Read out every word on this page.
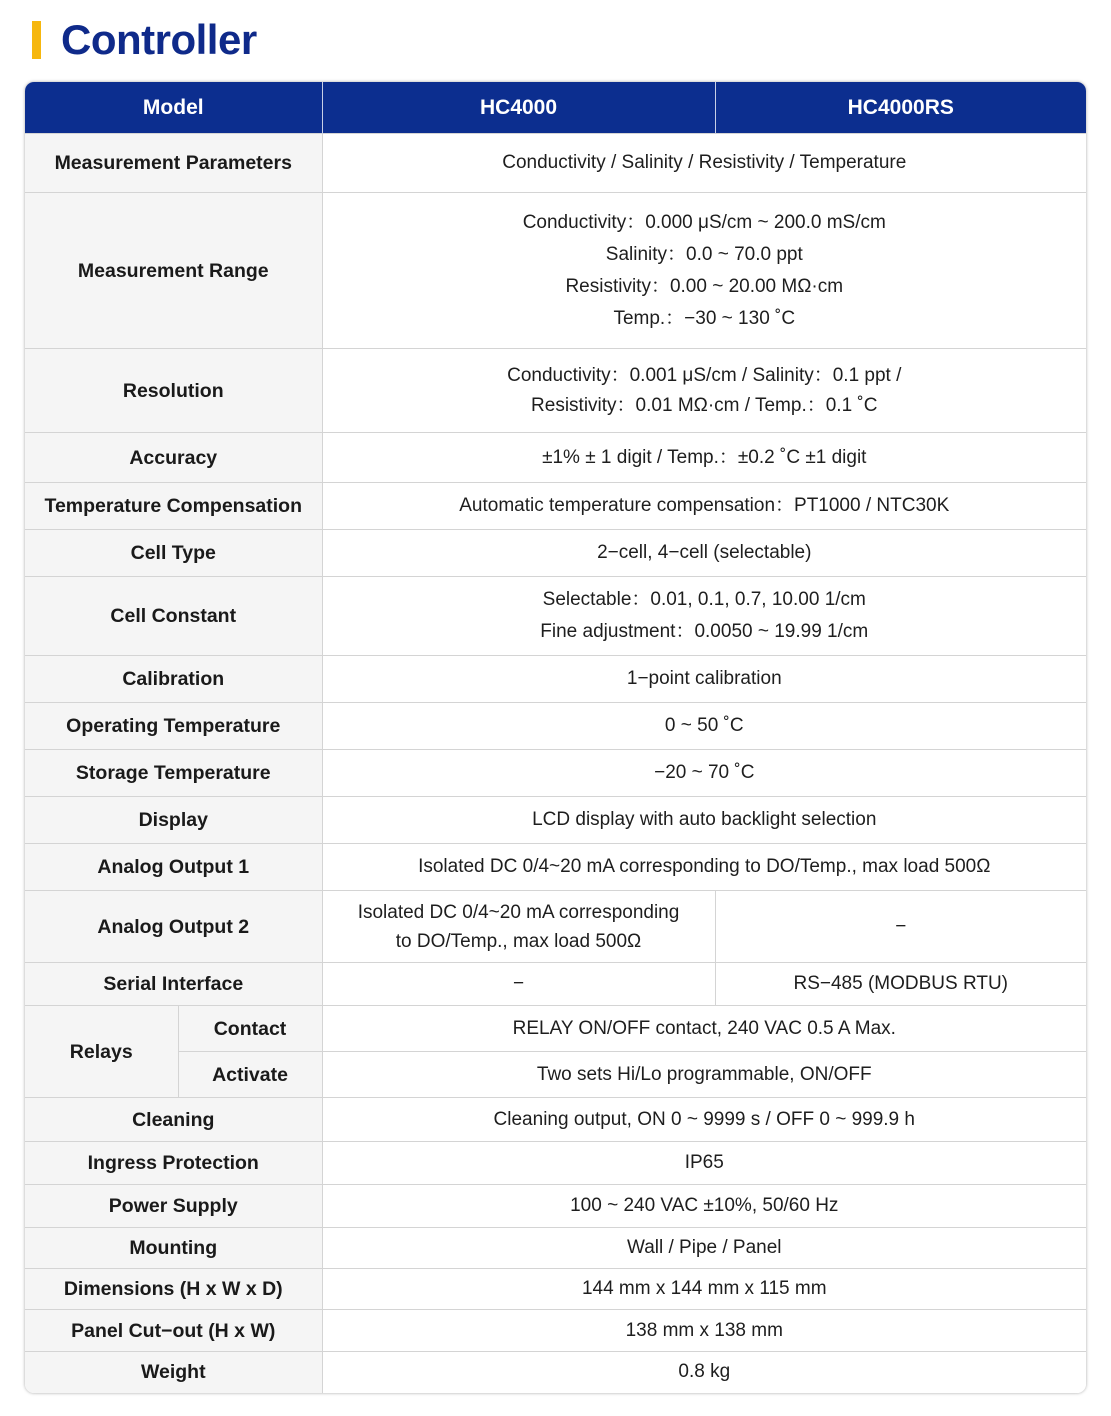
Controller
Model		HC4000	HC4000RS
Measurement Parameters		Conductivity / Salinity / Resistivity / Temperature	
Measurement Range		Conductivity：0.000 μS/cm ~ 200.0 mS/cm
Salinity：0.0 ~ 70.0 ppt
Resistivity：0.00 ~ 20.00 MΩ·cm
Temp.：−30 ~ 130 ˚C	

Resolution		Conductivity：0.001 μS/cm / Salinity：0.1 ppt /
Resistivity：0.01 MΩ·cm / Temp.：0.1 ˚C	

Accuracy		±1% ± 1 digit / Temp.：±0.2 ˚C ±1 digit	
Temperature Compensation		Automatic temperature compensation：PT1000 / NTC30K	
Cell Type		2−cell, 4−cell (selectable)	
Cell Constant		Selectable：0.01, 0.1, 0.7, 10.00 1/cm
Fine adjustment：0.0050 ~ 19.99 1/cm	

Calibration		1−point calibration	
Operating Temperature		0 ~ 50 ˚C	
Storage Temperature		−20 ~ 70 ˚C	
Display		LCD display with auto backlight selection	
Analog Output 1		Isolated DC 0/4~20 mA corresponding to DO/Temp., max load 500Ω	
Analog Output 2		Isolated DC 0/4~20 mA corresponding
to DO/Temp., max load 500Ω	−
Serial Interface		−	RS−485 (MODBUS RTU)
Relays	Contact	RELAY ON/OFF contact, 240 VAC 0.5 A Max.	
	Activate	Two sets Hi/Lo programmable, ON/OFF	
Cleaning		Cleaning output, ON 0 ~ 9999 s / OFF 0 ~ 999.9 h	
Ingress Protection		IP65	
Power Supply		100 ~ 240 VAC ±10%, 50/60 Hz	
Mounting		Wall / Pipe / Panel	
Dimensions (H x W x D)		144 mm x 144 mm x 115 mm	
Panel Cut−out (H x W)		138 mm x 138 mm	
Weight		0.8 kg	
